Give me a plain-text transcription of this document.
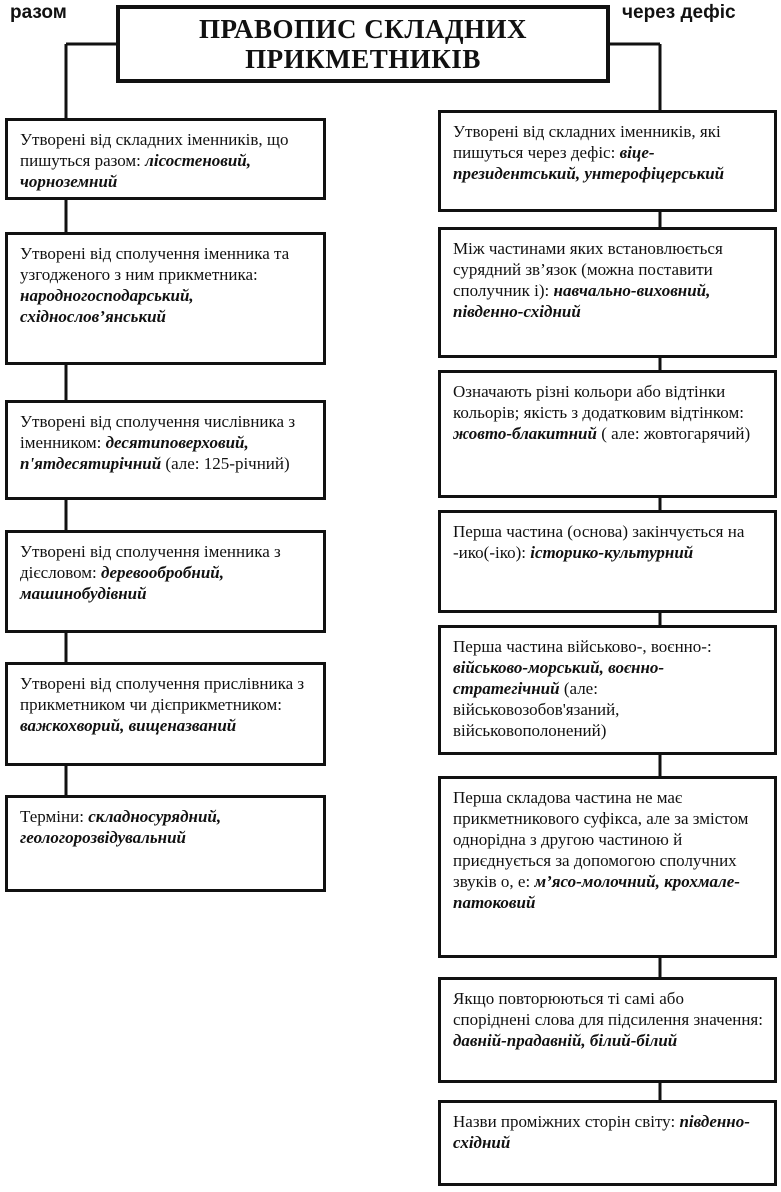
разом	через дефіс
ПРАВОПИС СКЛАДНИХ ПРИКМЕТНИКІВ
Утворені від складних іменників, що пишуться разом: лісостеновий, чорноземний
Утворені від сполучення іменника та узгодженого з ним прикметника: народногосподарський, східнослов’янський
Утворені від сполучення числівника з іменником: десятиповерховий, п'ятдесятирічний (але: 125-річний)
Утворені від сполучення іменника з дієсловом: деревообробний, машинобудівний
Утворені від сполучення прислівника з прикметником чи дієприкметником: важкохворий, вищеназваний
Терміни: складносурядний, геологорозвідувальний
Утворені від складних іменників, які пишуться через дефіс: віце-президентський, унтерофіцерський
Між частинами яких встановлюється сурядний зв’язок (можна поставити сполучник і): навчально-виховний, південно-східний
Означають різні кольори або відтінки кольорів; якість з додатковим відтінком: жовто-блакитний ( але: жовтогарячий)
Перша частина (основа) закінчується на -ико(-іко): історико-культурний
Перша частина військово-, воєнно-: військово-морський, воєнно-стратегічний (але: військовозобов'язаний, військовополонений)
Перша складова частина не має прикметникового суфікса, але за змістом однорідна з другою частиною й приєднується за допомогою сполучних звуків о, е: м’ясо-молочний, крохмале-патоковий
Якщо повторюються ті самі або споріднені слова для підсилення значення: давній-прадавній, білий-білий
Назви проміжних сторін світу: південно-східний
